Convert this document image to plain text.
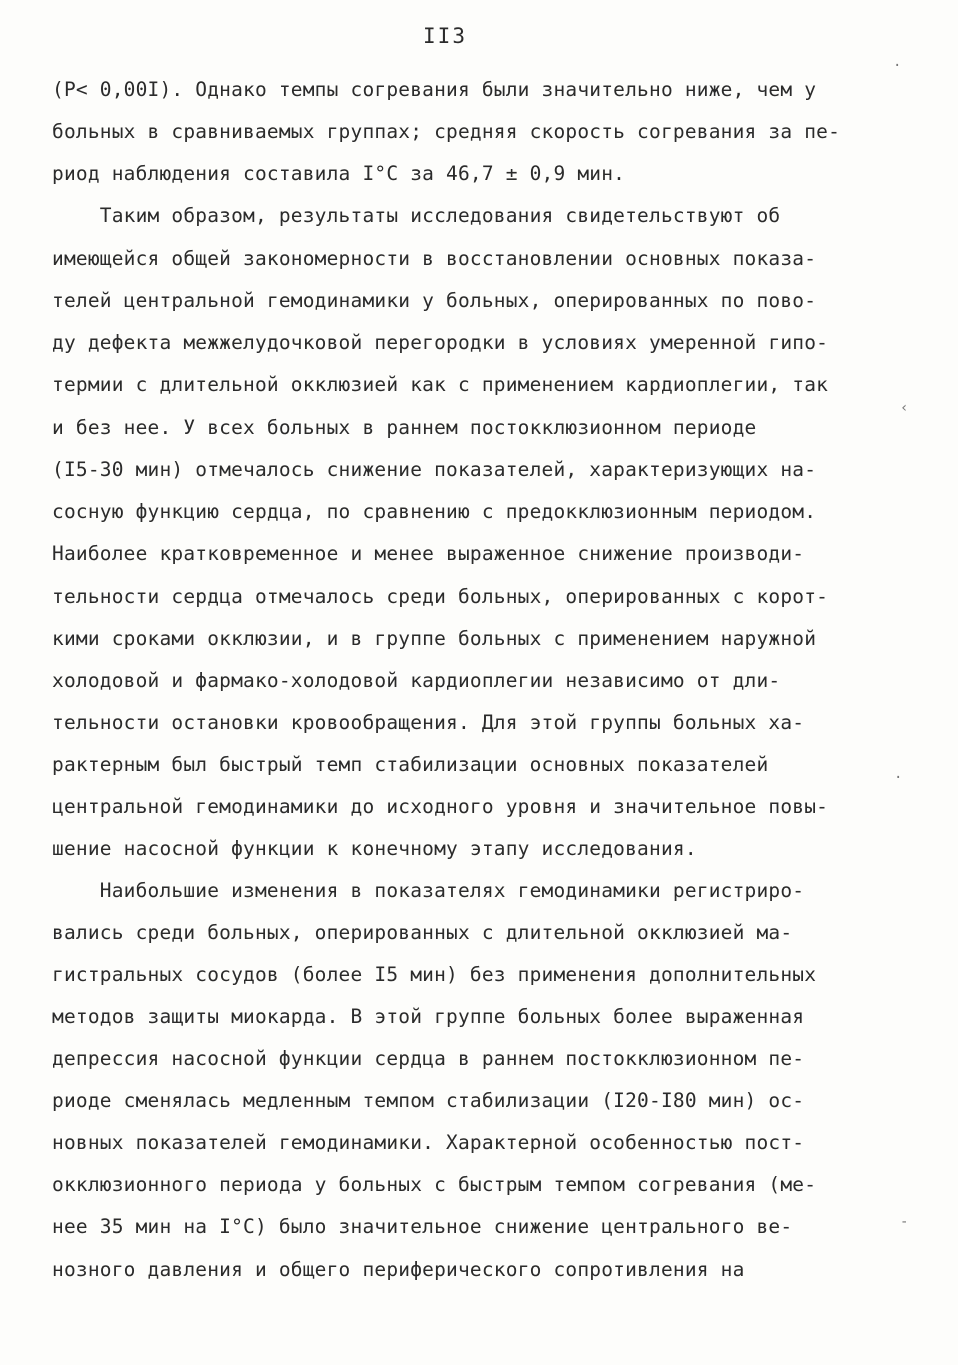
II3
(P< 0,00I). Однако темпы согревания были значительно ниже, чем у
больных в сравниваемых группах; средняя скорость согревания за пе-
риод наблюдения составила I°C за 46,7 ± 0,9 мин.
Таким образом, результаты исследования свидетельствуют об
имеющейся общей закономерности в восстановлении основных показа-
телей центральной гемодинамики у больных, оперированных по пово-
ду дефекта межжелудочковой перегородки в условиях умеренной гипо-
термии с длительной окклюзией как с применением кардиоплегии, так
и без нее. У всех больных в раннем постокклюзионном периоде
(I5-30 мин) отмечалось снижение показателей, характеризующих на-
сосную функцию сердца, по сравнению с предокклюзионным периодом.
Наиболее кратковременное и менее выраженное снижение производи-
тельности сердца отмечалось среди больных, оперированных с корот-
кими сроками окклюзии, и в группе больных с применением наружной
холодовой и фармако-холодовой кардиоплегии независимо от дли-
тельности остановки кровообращения. Для этой группы больных ха-
рактерным был быстрый темп стабилизации основных показателей
центральной гемодинамики до исходного уровня и значительное повы-
шение насосной функции к конечному этапу исследования.
Наибольшие изменения в показателях гемодинамики регистриро-
вались среди больных, оперированных с длительной окклюзией ма-
гистральных сосудов (более I5 мин) без применения дополнительных
методов защиты миокарда. В этой группе больных более выраженная
депрессия насосной функции сердца в раннем постокклюзионном пе-
риоде сменялась медленным темпом стабилизации (I20-I80 мин) ос-
новных показателей гемодинамики. Характерной особенностью пост-
окклюзионного периода у больных с быстрым темпом согревания (ме-
нее 35 мин на I°C) было значительное снижение центрального ве-
нозного давления и общего периферического сопротивления на
·
‹
·
-
